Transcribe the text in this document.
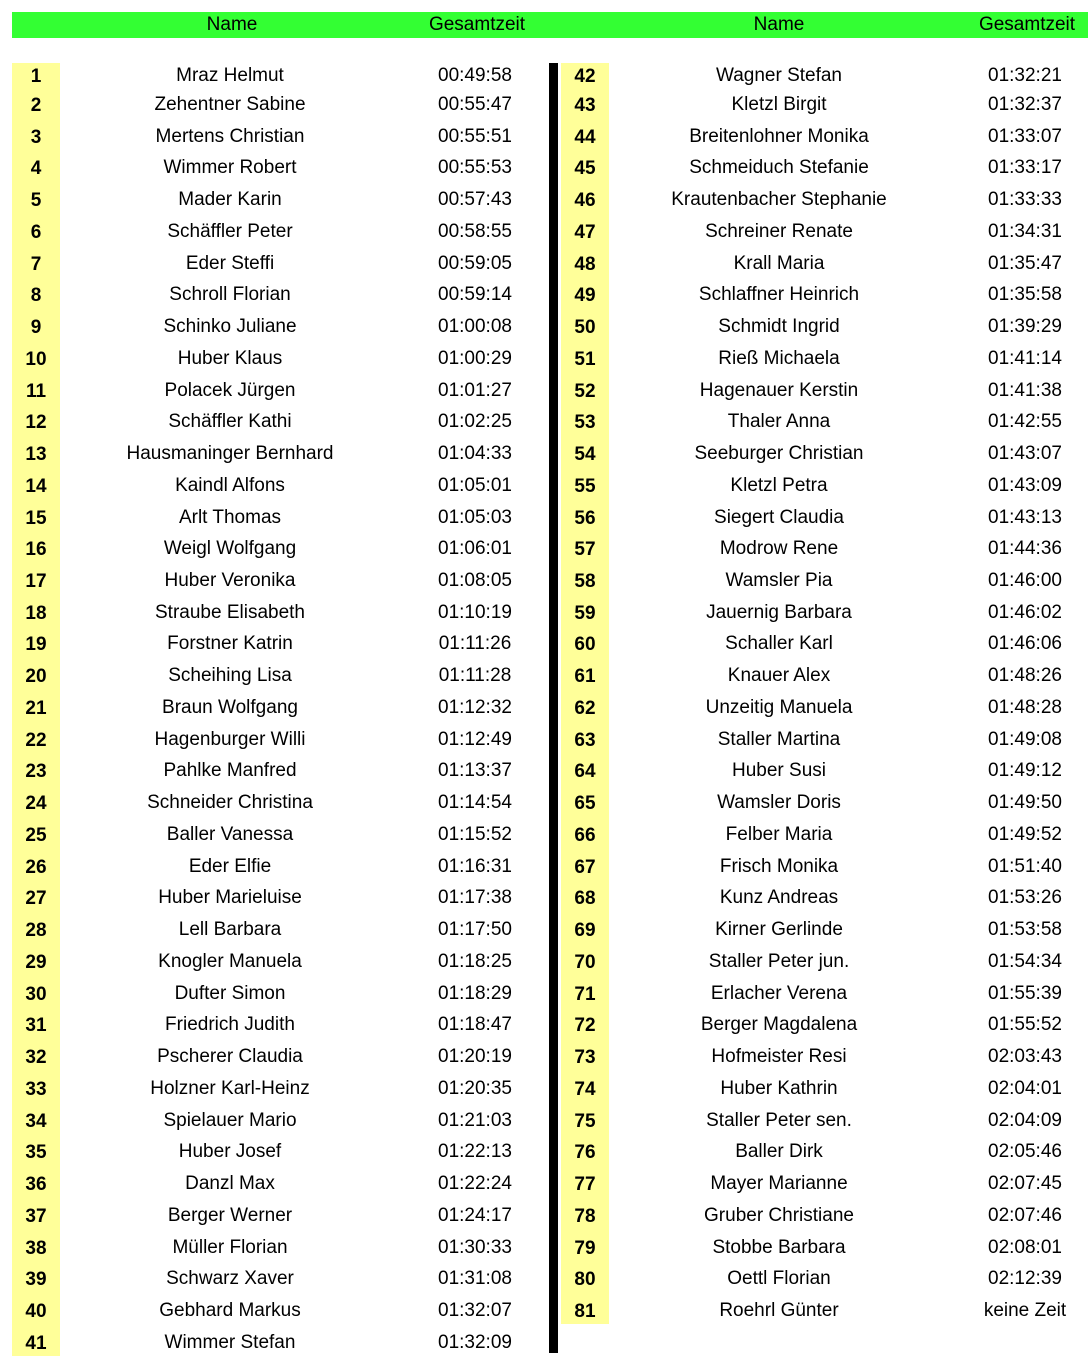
Name	Gesamtzeit	Name	Gesamtzeit
1	Mraz Helmut	00:49:58
2	Zehentner Sabine	00:55:47
3	Mertens Christian	00:55:51
4	Wimmer Robert	00:55:53
5	Mader Karin	00:57:43
6	Schäffler Peter	00:58:55
7	Eder Steffi	00:59:05
8	Schroll Florian	00:59:14
9	Schinko Juliane	01:00:08
10	Huber Klaus	01:00:29
11	Polacek Jürgen	01:01:27
12	Schäffler Kathi	01:02:25
13	Hausmaninger Bernhard	01:04:33
14	Kaindl Alfons	01:05:01
15	Arlt Thomas	01:05:03
16	Weigl Wolfgang	01:06:01
17	Huber Veronika	01:08:05
18	Straube Elisabeth	01:10:19
19	Forstner Katrin	01:11:26
20	Scheihing Lisa	01:11:28
21	Braun Wolfgang	01:12:32
22	Hagenburger Willi	01:12:49
23	Pahlke Manfred	01:13:37
24	Schneider Christina	01:14:54
25	Baller Vanessa	01:15:52
26	Eder Elfie	01:16:31
27	Huber Marieluise	01:17:38
28	Lell Barbara	01:17:50
29	Knogler Manuela	01:18:25
30	Dufter Simon	01:18:29
31	Friedrich Judith	01:18:47
32	Pscherer Claudia	01:20:19
33	Holzner Karl-Heinz	01:20:35
34	Spielauer Mario	01:21:03
35	Huber Josef	01:22:13
36	Danzl Max	01:22:24
37	Berger Werner	01:24:17
38	Müller Florian	01:30:33
39	Schwarz Xaver	01:31:08
40	Gebhard Markus	01:32:07
41	Wimmer Stefan	01:32:09
42	Wagner Stefan	01:32:21
43	Kletzl Birgit	01:32:37
44	Breitenlohner Monika	01:33:07
45	Schmeiduch Stefanie	01:33:17
46	Krautenbacher Stephanie	01:33:33
47	Schreiner Renate	01:34:31
48	Krall Maria	01:35:47
49	Schlaffner Heinrich	01:35:58
50	Schmidt Ingrid	01:39:29
51	Rieß Michaela	01:41:14
52	Hagenauer Kerstin	01:41:38
53	Thaler Anna	01:42:55
54	Seeburger Christian	01:43:07
55	Kletzl Petra	01:43:09
56	Siegert Claudia	01:43:13
57	Modrow Rene	01:44:36
58	Wamsler Pia	01:46:00
59	Jauernig Barbara	01:46:02
60	Schaller Karl	01:46:06
61	Knauer Alex	01:48:26
62	Unzeitig Manuela	01:48:28
63	Staller Martina	01:49:08
64	Huber Susi	01:49:12
65	Wamsler Doris	01:49:50
66	Felber Maria	01:49:52
67	Frisch Monika	01:51:40
68	Kunz Andreas	01:53:26
69	Kirner Gerlinde	01:53:58
70	Staller Peter jun.	01:54:34
71	Erlacher Verena	01:55:39
72	Berger Magdalena	01:55:52
73	Hofmeister Resi	02:03:43
74	Huber Kathrin	02:04:01
75	Staller Peter sen.	02:04:09
76	Baller Dirk	02:05:46
77	Mayer Marianne	02:07:45
78	Gruber Christiane	02:07:46
79	Stobbe Barbara	02:08:01
80	Oettl Florian	02:12:39
81	Roehrl Günter	keine Zeit
